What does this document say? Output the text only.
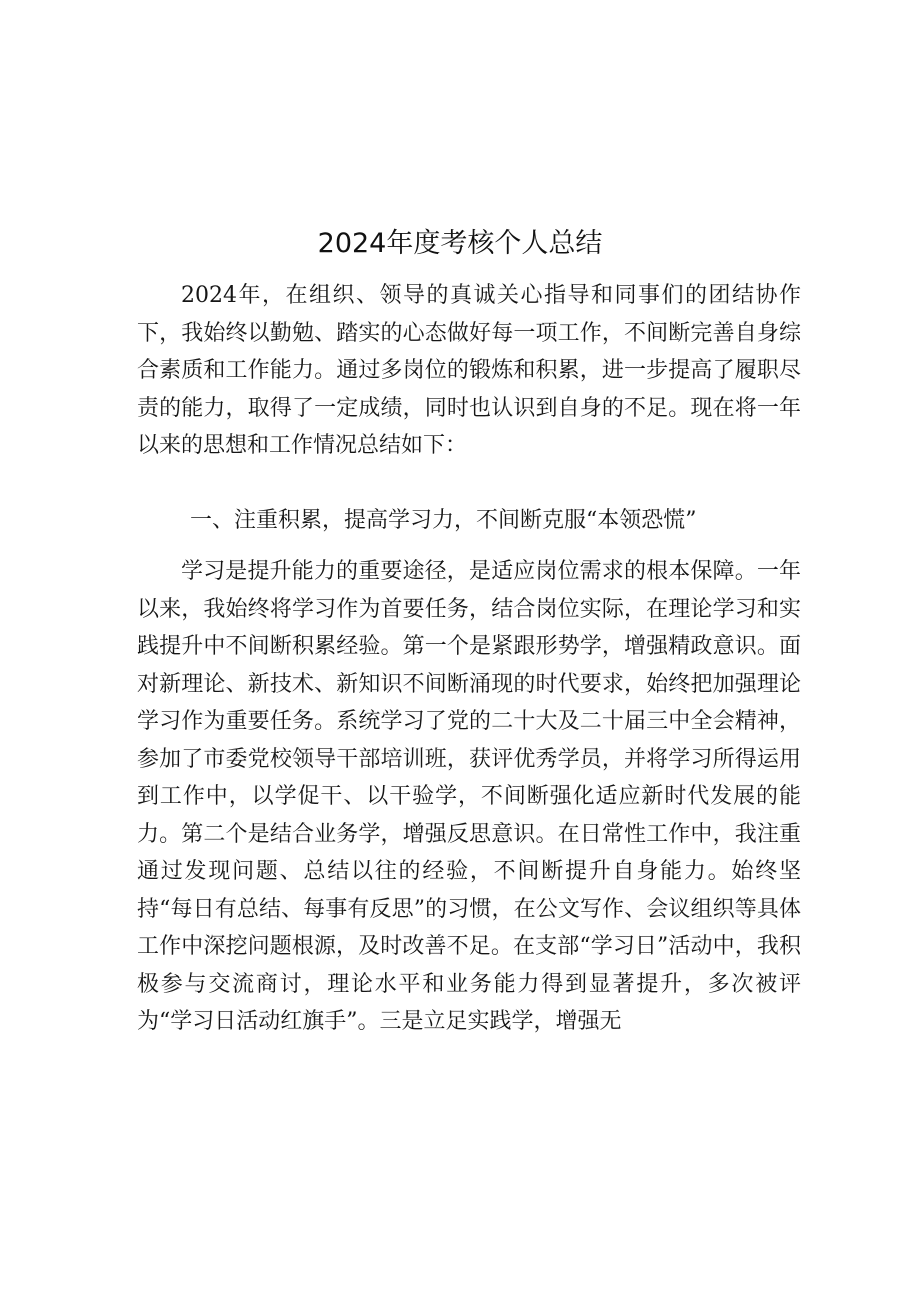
2024年度考核个人总结

2024年，在组织、领导的真诚关心指导和同事们的团结协作下，我始终以勤勉、踏实的心态做好每一项工作，不间断完善自身综合素质和工作能力。通过多岗位的锻炼和积累，进一步提高了履职尽责的能力，取得了一定成绩，同时也认识到自身的不足。现在将一年以来的思想和工作情况总结如下：

一、注重积累，提高学习力，不间断克服“本领恐慌”

学习是提升能力的重要途径，是适应岗位需求的根本保障。一年以来，我始终将学习作为首要任务，结合岗位实际，在理论学习和实践提升中不间断积累经验。第一个是紧跟形势学，增强精政意识。面对新理论、新技术、新知识不间断涌现的时代要求，始终把加强理论学习作为重要任务。系统学习了党的二十大及二十届三中全会精神，参加了市委党校领导干部培训班，获评优秀学员，并将学习所得运用到工作中，以学促干、以干验学，不间断强化适应新时代发展的能力。第二个是结合业务学，增强反思意识。在日常性工作中，我注重通过发现问题、总结以往的经验，不间断提升自身能力。始终坚持“每日有总结、每事有反思”的习惯，在公文写作、会议组织等具体工作中深挖问题根源，及时改善不足。在支部“学习日”活动中，我积极参与交流商讨，理论水平和业务能力得到显著提升，多次被评为“学习日活动红旗手”。三是立足实践学，增强无
